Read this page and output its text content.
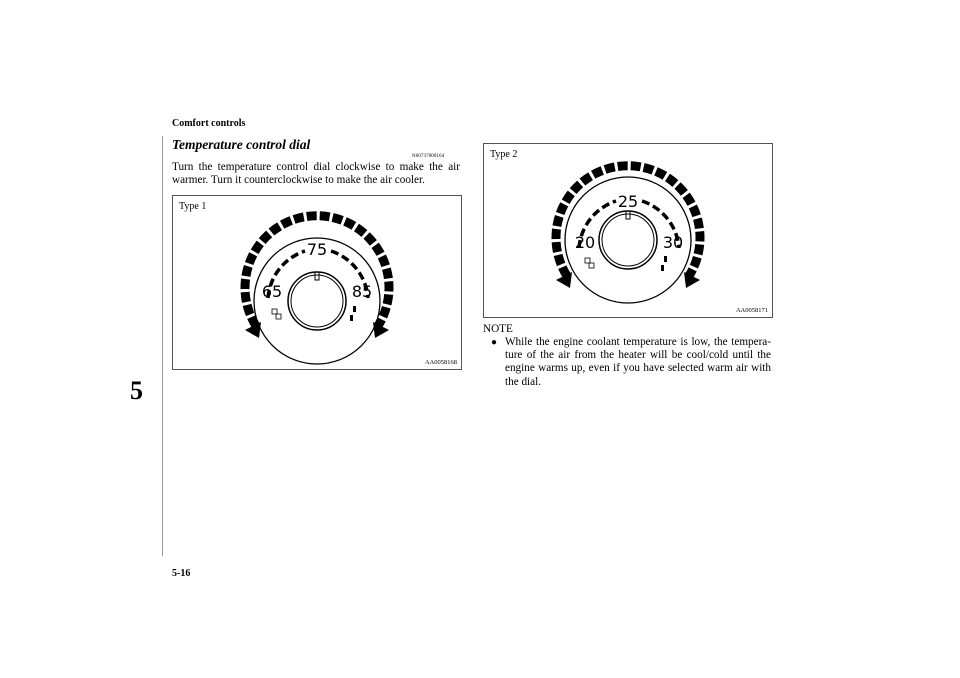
Comfort controls
5
Temperature control dial
N00737000164
Turn the temperature control dial clockwise to make the air warmer. Turn it counterclockwise to make the air cooler.
Type 1
75
65	85
AA0058168
Type 2
25
20	30
AA0058171
NOTE
● While the engine coolant temperature is low, the tempera-ture of the air from the heater will be cool/cold until the engine warms up, even if you have selected warm air with the dial.
5-16
